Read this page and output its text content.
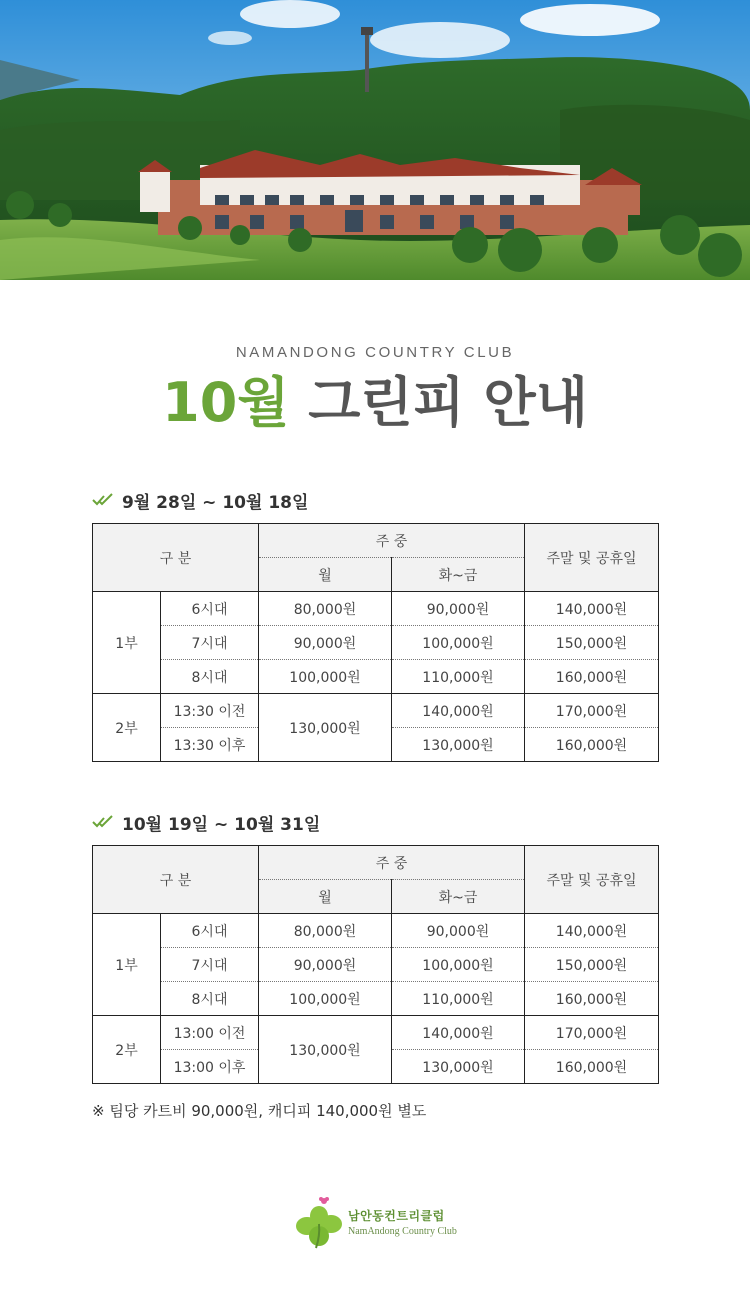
NAMANDONG COUNTRY CLUB
10월 그린피 안내
9월 28일 ~ 10월 18일
구 분		주 중		주말 및 공휴일
		월	화~금	
1부	6시대	80,000원	90,000원	140,000원
	7시대	90,000원	100,000원	150,000원
	8시대	100,000원	110,000원	160,000원
2부	13:30 이전	130,000원	140,000원	170,000원
	13:30 이후		130,000원	160,000원
10월 19일 ~ 10월 31일
구 분		주 중		주말 및 공휴일
		월	화~금	
1부	6시대	80,000원	90,000원	140,000원
	7시대	90,000원	100,000원	150,000원
	8시대	100,000원	110,000원	160,000원
2부	13:00 이전	130,000원	140,000원	170,000원
	13:00 이후		130,000원	160,000원
※ 팀당 카트비 90,000원, 캐디피 140,000원 별도
남안동컨트리클럽
NamAndong Country Club
